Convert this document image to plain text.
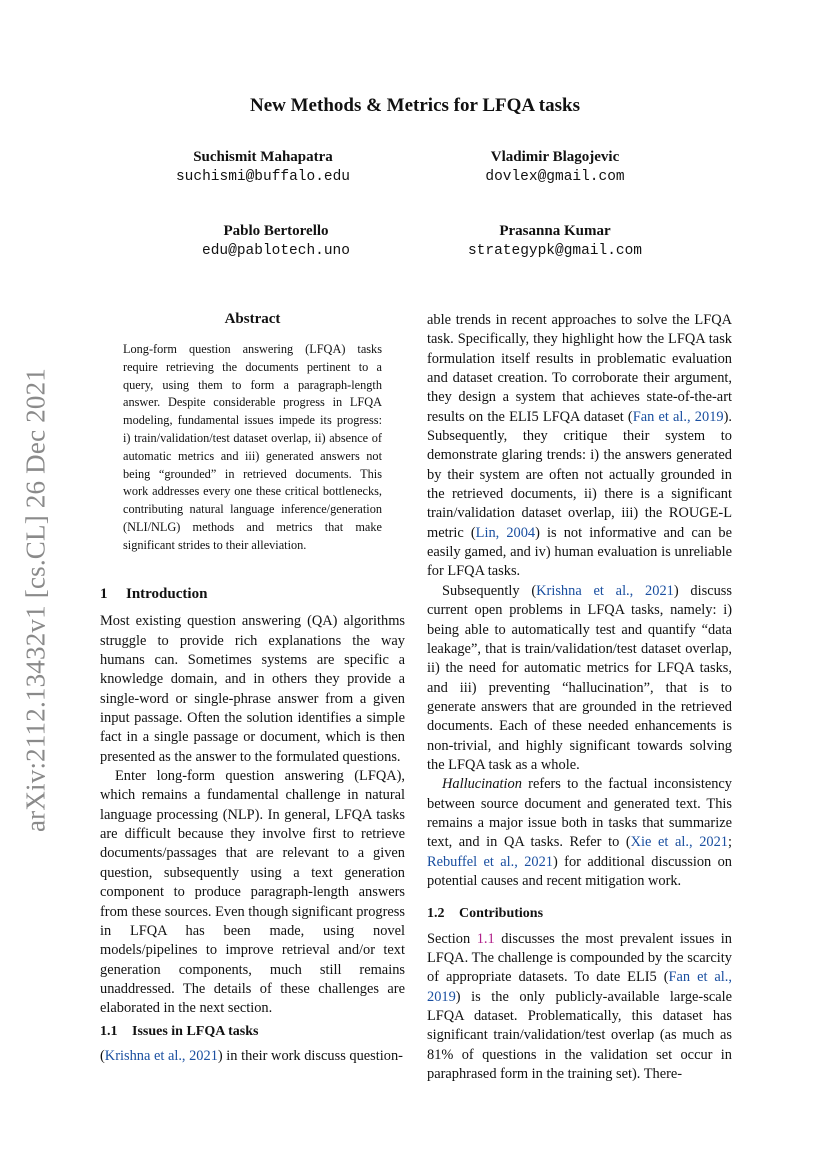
arXiv:2112.13432v1 [cs.CL] 26 Dec 2021
New Methods & Metrics for LFQA tasks
Suchismit Mahapatra
suchismi@buffalo.edu
Vladimir Blagojevic
dovlex@gmail.com
Pablo Bertorello
edu@pablotech.uno
Prasanna Kumar
strategypk@gmail.com
Abstract
Long-form question answering (LFQA) tasks require retrieving the documents pertinent to a query, using them to form a paragraph-length answer. Despite considerable progress in LFQA modeling, fundamental issues impede its progress: i) train/validation/test dataset overlap, ii) absence of automatic metrics and iii) generated answers not being “grounded” in retrieved documents. This work addresses every one these critical bottlenecks, contributing natural language inference/generation (NLI/NLG) methods and metrics that make significant strides to their alleviation.

1 Introduction

Most existing question answering (QA) algorithms struggle to provide rich explanations the way humans can. Sometimes systems are specific a knowledge domain, and in others they provide a single-word or single-phrase answer from a given input passage. Often the solution identifies a simple fact in a single passage or document, which is then presented as the answer to the formulated questions.

Enter long-form question answering (LFQA), which remains a fundamental challenge in natural language processing (NLP). In general, LFQA tasks are difficult because they involve first to retrieve documents/passages that are relevant to a given question, subsequently using a text generation component to produce paragraph-length answers from these sources. Even though significant progress in LFQA has been made, using novel models/pipelines to improve retrieval and/or text generation components, much still remains unaddressed. The details of these challenges are elaborated in the next section.

1.1 Issues in LFQA tasks

(Krishna et al., 2021) in their work discuss question-

able trends in recent approaches to solve the LFQA task. Specifically, they highlight how the LFQA task formulation itself results in problematic evaluation and dataset creation. To corroborate their argument, they design a system that achieves state-of-the-art results on the ELI5 LFQA dataset (Fan et al., 2019). Subsequently, they critique their system to demonstrate glaring trends: i) the answers generated by their system are often not actually grounded in the retrieved documents, ii) there is a significant train/validation dataset overlap, iii) the ROUGE-L metric (Lin, 2004) is not informative and can be easily gamed, and iv) human evaluation is unreliable for LFQA tasks.

Subsequently (Krishna et al., 2021) discuss current open problems in LFQA tasks, namely: i) being able to automatically test and quantify “data leakage”, that is train/validation/test dataset overlap, ii) the need for automatic metrics for LFQA tasks, and iii) preventing “hallucination”, that is to generate answers that are grounded in the retrieved documents. Each of these needed enhancements is non-trivial, and highly significant towards solving the LFQA task as a whole.

Hallucination refers to the factual inconsistency between source document and generated text. This remains a major issue both in tasks that summarize text, and in QA tasks. Refer to (Xie et al., 2021; Rebuffel et al., 2021) for additional discussion on potential causes and recent mitigation work.

1.2 Contributions

Section 1.1 discusses the most prevalent issues in LFQA. The challenge is compounded by the scarcity of appropriate datasets. To date ELI5 (Fan et al., 2019) is the only publicly-available large-scale LFQA dataset. Problematically, this dataset has significant train/validation/test overlap (as much as 81% of questions in the validation set occur in paraphrased form in the training set). There-
